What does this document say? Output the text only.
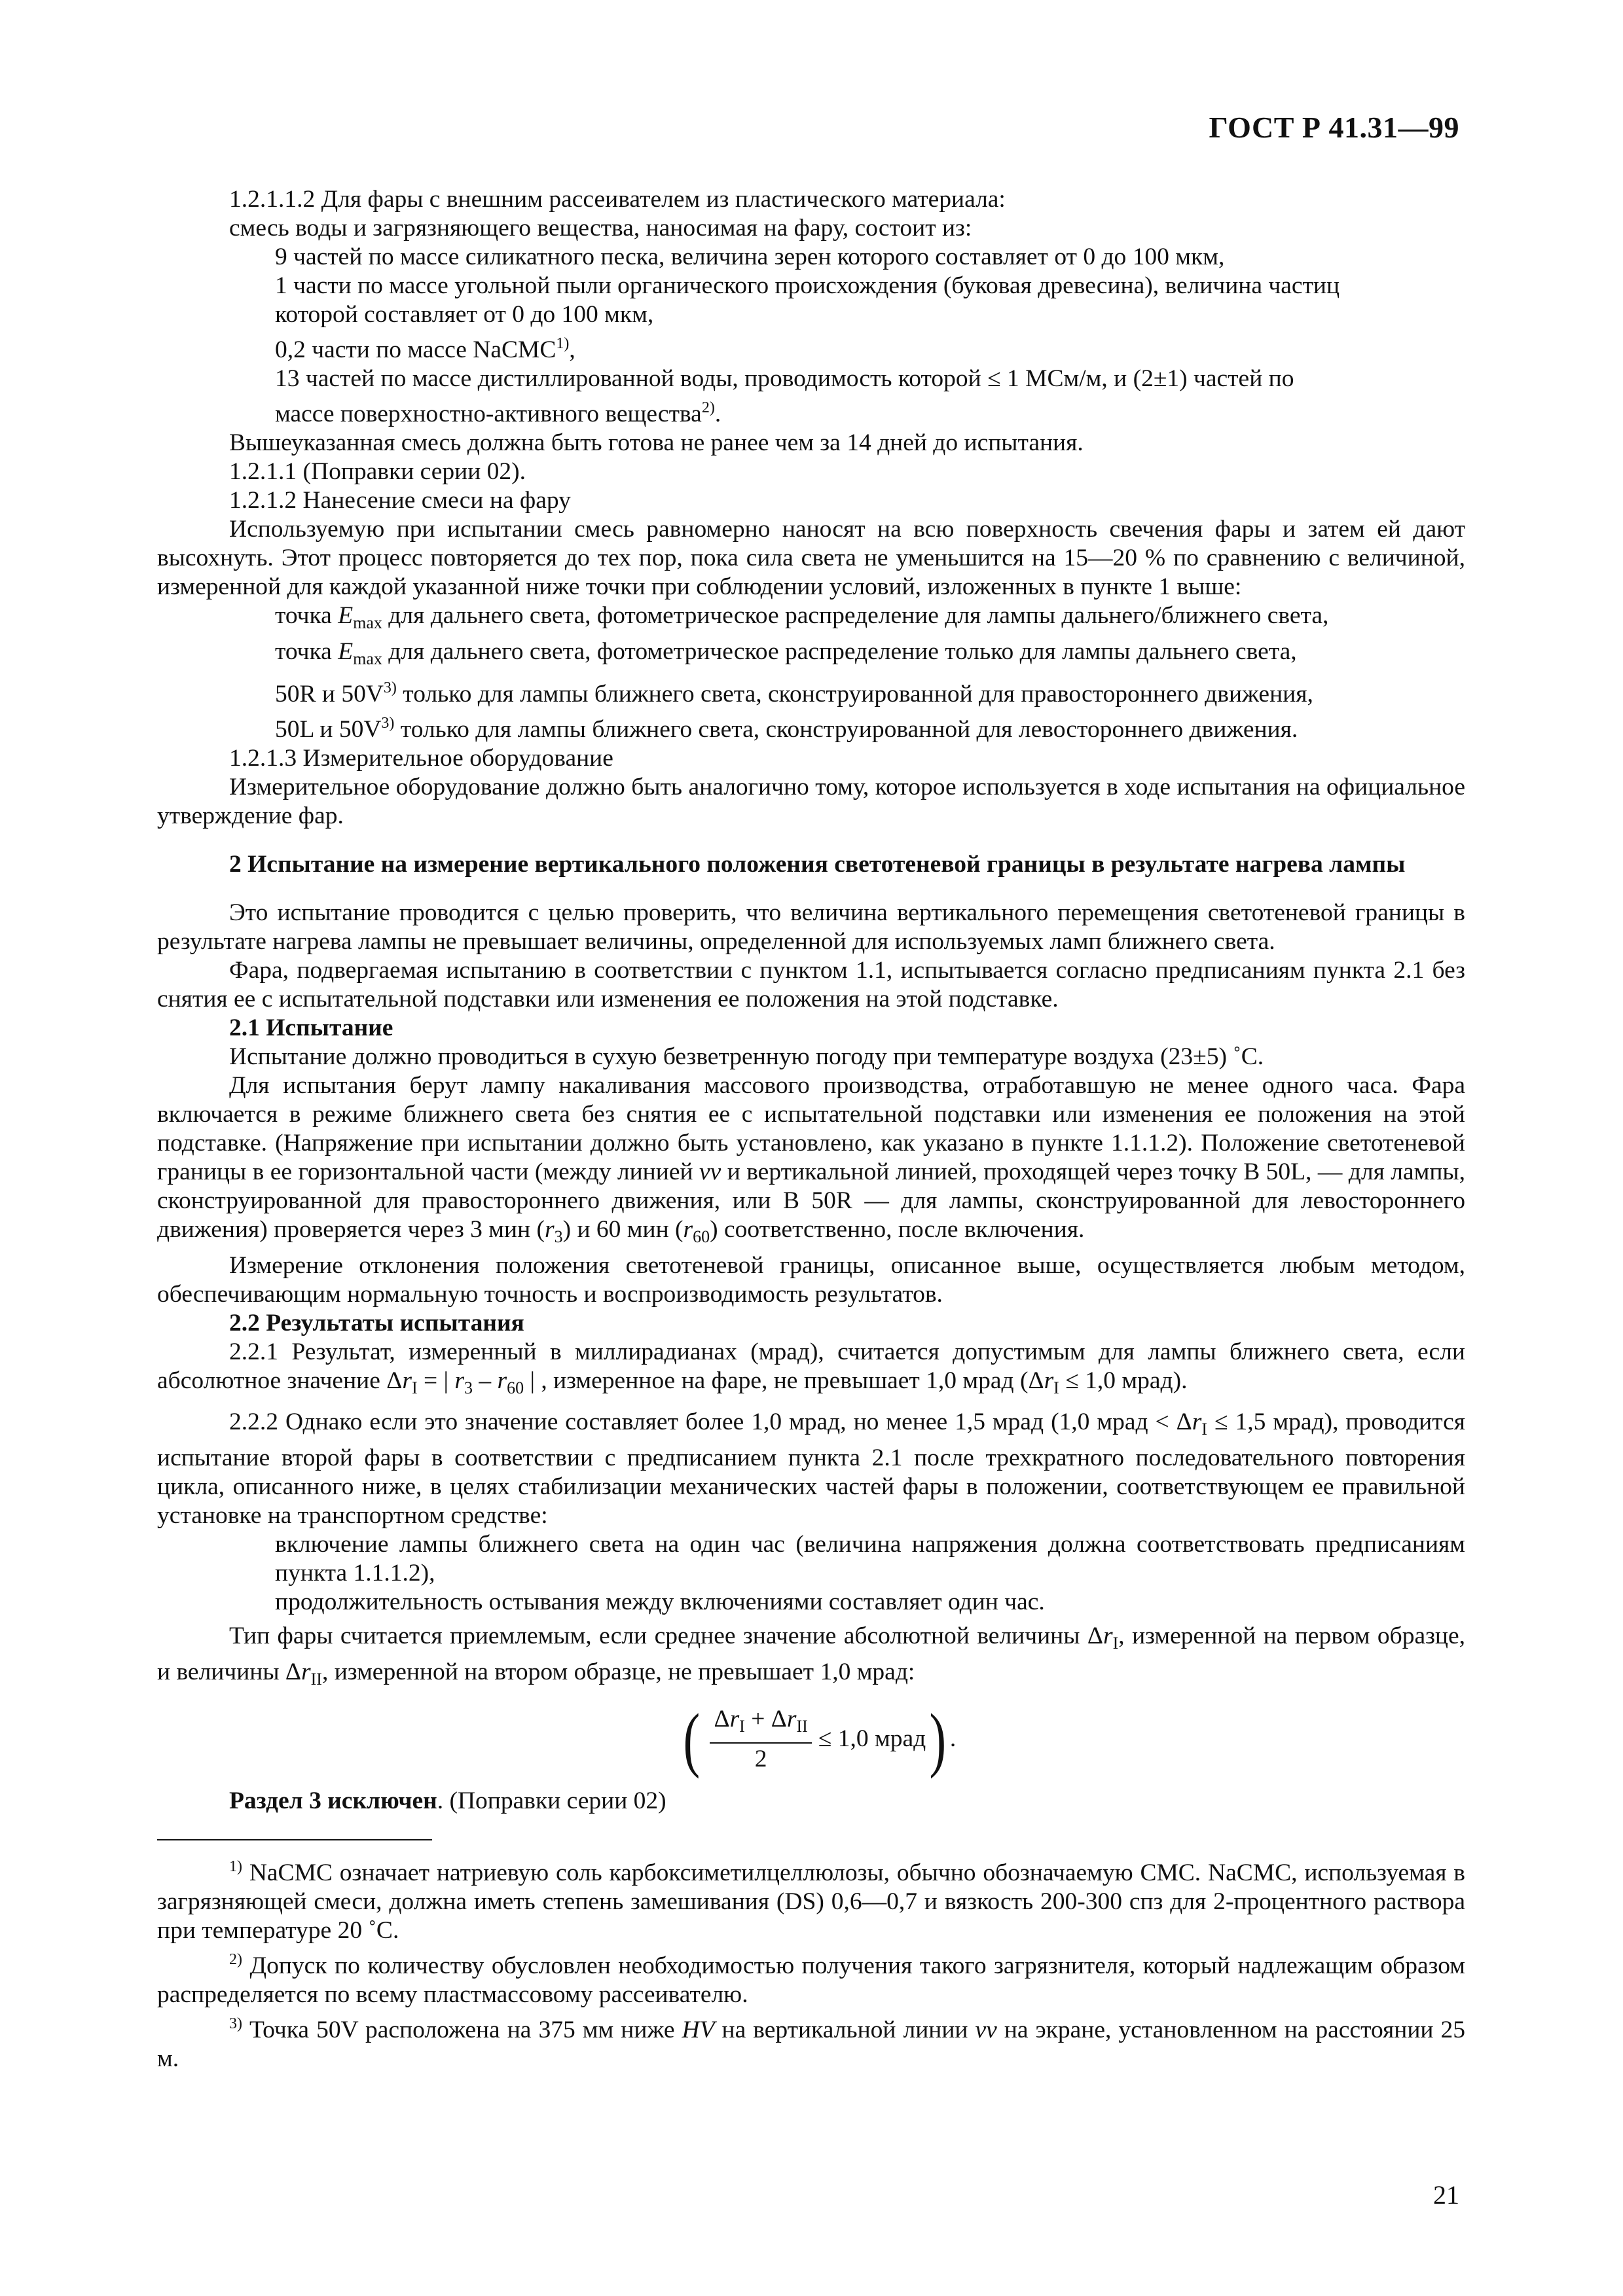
ГОСТ Р 41.31—99

1.2.1.1.2 Для фары с внешним рассеивателем из пластического материала:

смесь воды и загрязняющего вещества, наносимая на фару, состоит из:

9 частей по массе силикатного песка, величина зерен которого составляет от 0 до 100 мкм,

1 части по массе угольной пыли органического происхождения (буковая древесина), величина частиц

которой составляет от 0 до 100 мкм,

0,2 части по массе NaCMC$^{1)}$,

13 частей по массе дистиллированной воды, проводимость которой ≤ 1 МСм/м, и (2±1) частей по

массе поверхностно-активного вещества$^{2)}$.

Вышеуказанная смесь должна быть готова не ранее чем за 14 дней до испытания.

1.2.1.1 (Поправки серии 02).

1.2.1.2 Нанесение смеси на фару

Используемую при испытании смесь равномерно наносят на всю поверхность свечения фары и затем ей дают высохнуть. Этот процесс повторяется до тех пор, пока сила света не уменьшится на 15—20 % по сравнению с величиной, измеренной для каждой указанной ниже точки при соблюдении условий, изложенных в пункте 1 выше:

точка $E_{max}$ для дальнего света, фотометрическое распределение для лампы дальнего/ближнего света,

точка $E_{max}$ для дальнего света, фотометрическое распределение только для лампы дальнего света,

50R и $50V^{3)}$ только для лампы ближнего света, сконструированной для правостороннего движения,

50L и $50V^{3)}$ только для лампы ближнего света, сконструированной для левостороннего движения.

1.2.1.3 Измерительное оборудование

Измерительное оборудование должно быть аналогично тому, которое используется в ходе испытания на официальное утверждение фар.

2 Испытание на измерение вертикального положения светотеневой границы в результате нагрева лампы

Это испытание проводится с целью проверить, что величина вертикального перемещения светотеневой границы в результате нагрева лампы не превышает величины, определенной для используемых ламп ближнего света.

Фара, подвергаемая испытанию в соответствии с пунктом 1.1, испытывается согласно предписаниям пункта 2.1 без снятия ее с испытательной подставки или изменения ее положения на этой подставке.

2.1 Испытание

Испытание должно проводиться в сухую безветренную погоду при температуре воздуха (23±5) ˚С.

Для испытания берут лампу накаливания массового производства, отработавшую не менее одного часа. Фара включается в режиме ближнего света без снятия ее с испытательной подставки или изменения ее положения на этой подставке. (Напряжение при испытании должно быть установлено, как указано в пункте 1.1.1.2). Положение светотеневой границы в ее горизонтальной части (между линией vv и вертикальной линией, проходящей через точку В 50L, — для лампы, сконструированной для правостороннего движения, или В 50R — для лампы, сконструированной для левостороннего движения) проверяется через 3 мин $(r_3)$ и 60 мин $(r_{60})$ соответственно, после включения.

Измерение отклонения положения светотеневой границы, описанное выше, осуществляется любым методом, обеспечивающим нормальную точность и воспроизводимость результатов.

2.2 Результаты испытания

2.2.1 Результат, измеренный в миллирадианах (мрад), считается допустимым для лампы ближнего света, если абсолютное значение $\Delta r_I$ = | $r_3 - r_{60}$ | , измеренное на фаре, не превышает 1,0 мрад ($\Delta r_I \le 1,0$ мрад).

2.2.2 Однако если это значение составляет более 1,0 мрад, но менее 1,5 мрад (1,0 мрад < $\Delta r_I \le 1,5$ мрад), проводится испытание второй фары в соответствии с предписанием пункта 2.1 после трехкратного последовательного повторения цикла, описанного ниже, в целях стабилизации механических частей фары в положении, соответствующем ее правильной установке на транспортном средстве:

включение лампы ближнего света на один час (величина напряжения должна соответствовать предписаниям пункта 1.1.1.2),

продолжительность остывания между включениями составляет один час.

Тип фары считается приемлемым, если среднее значение абсолютной величины $\Delta r_I$, измеренной на первом образце, и величины $\Delta r_{II}$, измеренной на втором образце, не превышает 1,0 мрад:

( $\frac{\Delta r_I + \Delta r_{II}}{2} \le 1,0$ мрад ) .

Раздел 3 исключен. (Поправки серии 02)

$^{1)}$ NaCMC означает натриевую соль карбоксиметилцеллюлозы, обычно обозначаемую CMC. NaCMC, используемая в загрязняющей смеси, должна иметь степень замешивания (DS) 0,6—0,7 и вязкость 200-300 спз для 2-процентного раствора при температуре 20 ˚С.

$^{2)}$ Допуск по количеству обусловлен необходимостью получения такого загрязнителя, который надлежащим образом распределяется по всему пластмассовому рассеивателю.

$^{3)}$ Точка 50V расположена на 375 мм ниже HV на вертикальной линии vv на экране, установленном на расстоянии 25 м.

21
